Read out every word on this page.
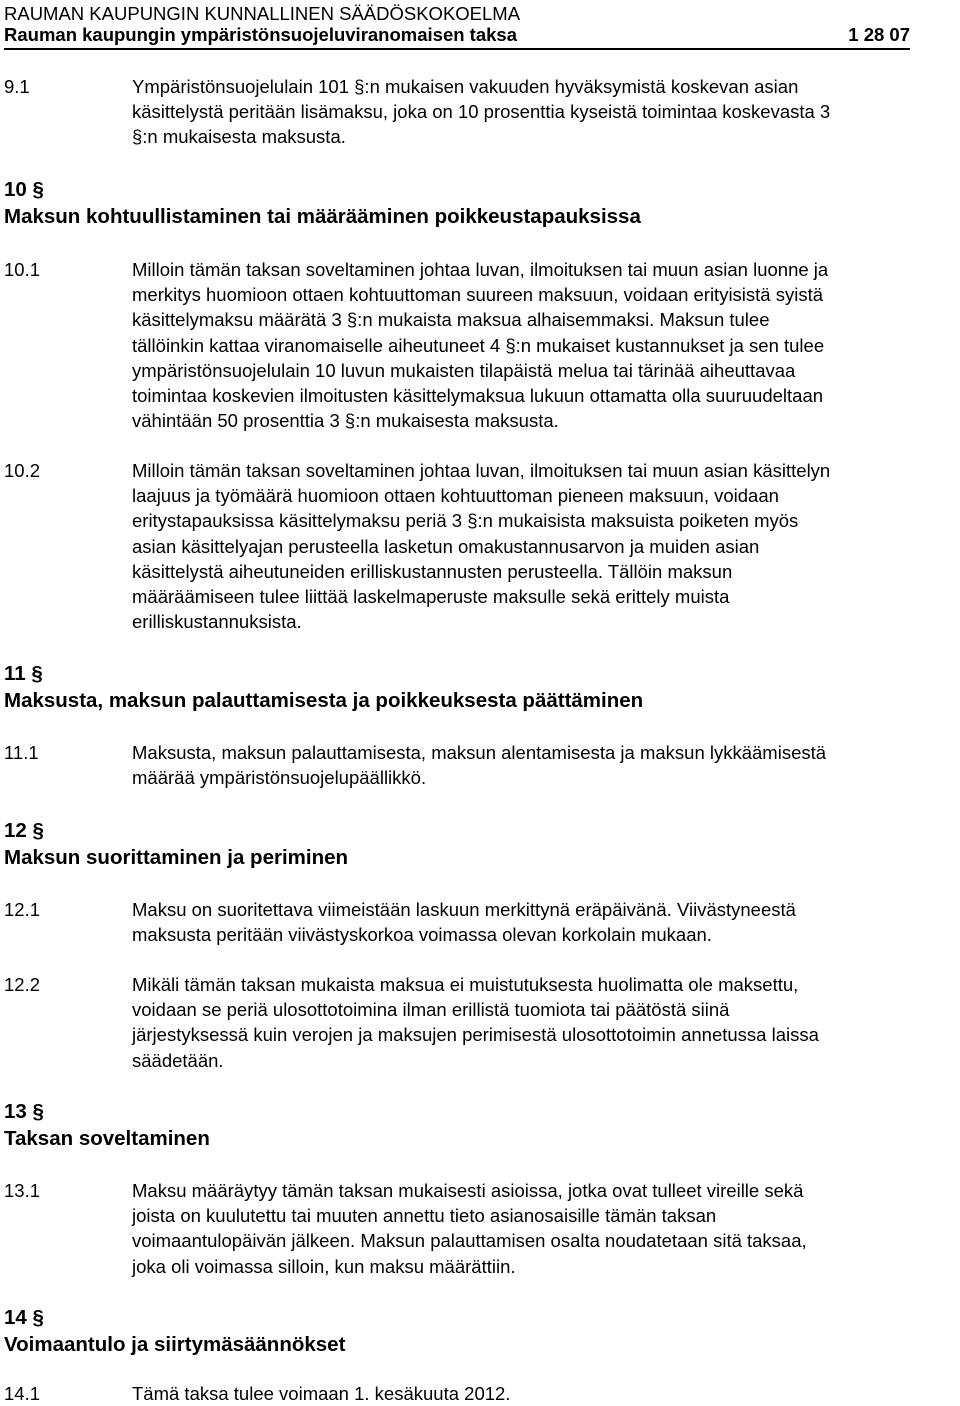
RAUMAN KAUPUNGIN KUNNALLINEN SÄÄDÖSKOKOELMA
Rauman kaupungin ympäristönsuojeluviranomaisen taksa	1 28 07
9.1	Ympäristönsuojelulain 101 §:n mukaisen vakuuden hyväksymistä koskevan asian
käsittelystä peritään lisämaksu, joka on 10 prosenttia kyseistä toimintaa koskevasta 3
§:n mukaisesta maksusta.
10 §
Maksun kohtuullistaminen tai määrääminen poikkeustapauksissa
10.1	Milloin tämän taksan soveltaminen johtaa luvan, ilmoituksen tai muun asian luonne ja
merkitys huomioon ottaen kohtuuttoman suureen maksuun, voidaan erityisistä syistä
käsittelymaksu määrätä 3 §:n mukaista maksua alhaisemmaksi. Maksun tulee
tällöinkin kattaa viranomaiselle aiheutuneet 4 §:n mukaiset kustannukset ja sen tulee
ympäristönsuojelulain 10 luvun mukaisten tilapäistä melua tai tärinää aiheuttavaa
toimintaa koskevien ilmoitusten käsittelymaksua lukuun ottamatta olla suuruudeltaan
vähintään 50 prosenttia 3 §:n mukaisesta maksusta.
10.2	Milloin tämän taksan soveltaminen johtaa luvan, ilmoituksen tai muun asian käsittelyn
laajuus ja työmäärä huomioon ottaen kohtuuttoman pieneen maksuun, voidaan
eritystapauksissa käsittelymaksu periä 3 §:n mukaisista maksuista poiketen myös
asian käsittelyajan perusteella lasketun omakustannusarvon ja muiden asian
käsittelystä aiheutuneiden erilliskustannusten perusteella. Tällöin maksun
määräämiseen tulee liittää laskelmaperuste maksulle sekä erittely muista
erilliskustannuksista.
11 §
Maksusta, maksun palauttamisesta ja poikkeuksesta päättäminen
11.1	Maksusta, maksun palauttamisesta, maksun alentamisesta ja maksun lykkäämisestä
määrää ympäristönsuojelupäällikkö.
12 §
Maksun suorittaminen ja periminen
12.1	Maksu on suoritettava viimeistään laskuun merkittynä eräpäivänä. Viivästyneestä
maksusta peritään viivästyskorkoa voimassa olevan korkolain mukaan.
12.2	Mikäli tämän taksan mukaista maksua ei muistutuksesta huolimatta ole maksettu,
voidaan se periä ulosottotoimina ilman erillistä tuomiota tai päätöstä siinä
järjestyksessä kuin verojen ja maksujen perimisestä ulosottotoimin annetussa laissa
säädetään.
13 §
Taksan soveltaminen
13.1	Maksu määräytyy tämän taksan mukaisesti asioissa, jotka ovat tulleet vireille sekä
joista on kuulutettu tai muuten annettu tieto asianosaisille tämän taksan
voimaantulopäivän jälkeen. Maksun palauttamisen osalta noudatetaan sitä taksaa,
joka oli voimassa silloin, kun maksu määrättiin.
14 §
Voimaantulo ja siirtymäsäännökset
14.1	Tämä taksa tulee voimaan 1. kesäkuuta 2012.
